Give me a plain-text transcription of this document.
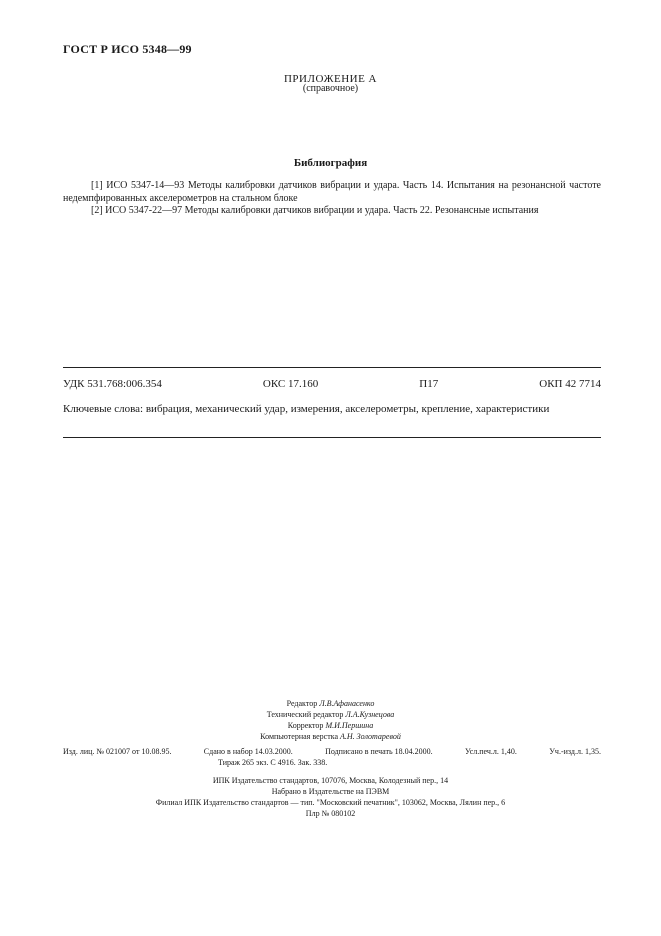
ГОСТ Р ИСО 5348—99
ПРИЛОЖЕНИЕ А
(справочное)
Библиография

[1] ИСО 5347-14—93 Методы калибровки датчиков вибрации и удара. Часть 14. Испытания на резонансной частоте недемпфированных акселерометров на стальном блоке

[2] ИСО 5347-22—97 Методы калибровки датчиков вибрации и удара. Часть 22. Резонансные испытания

УДК 531.768:006.354	ОКС 17.160	П17	ОКП 42 7714
Ключевые слова: вибрация, механический удар, измерения, акселерометры, крепление, характеристики
Редактор Л.В.Афанасенко
Технический редактор Л.А.Кузнецова
Корректор М.И.Першина
Компьютерная верстка А.Н. Золотаревой
Изд. лиц. № 021007 от 10.08.95.	Сдано в набор 14.03.2000.	Подписано в печать 18.04.2000.	Усл.печ.л. 1,40.	Уч.-изд.л. 1,35.
Тираж 265 экз. С 4916. Зак. 338.
ИПК Издательство стандартов, 107076, Москва, Колодезный пер., 14
Набрано в Издательстве на ПЭВМ
Филиал ИПК Издательство стандартов — тип. "Московский печатник", 103062, Москва, Лялин пер., 6
Плр № 080102
